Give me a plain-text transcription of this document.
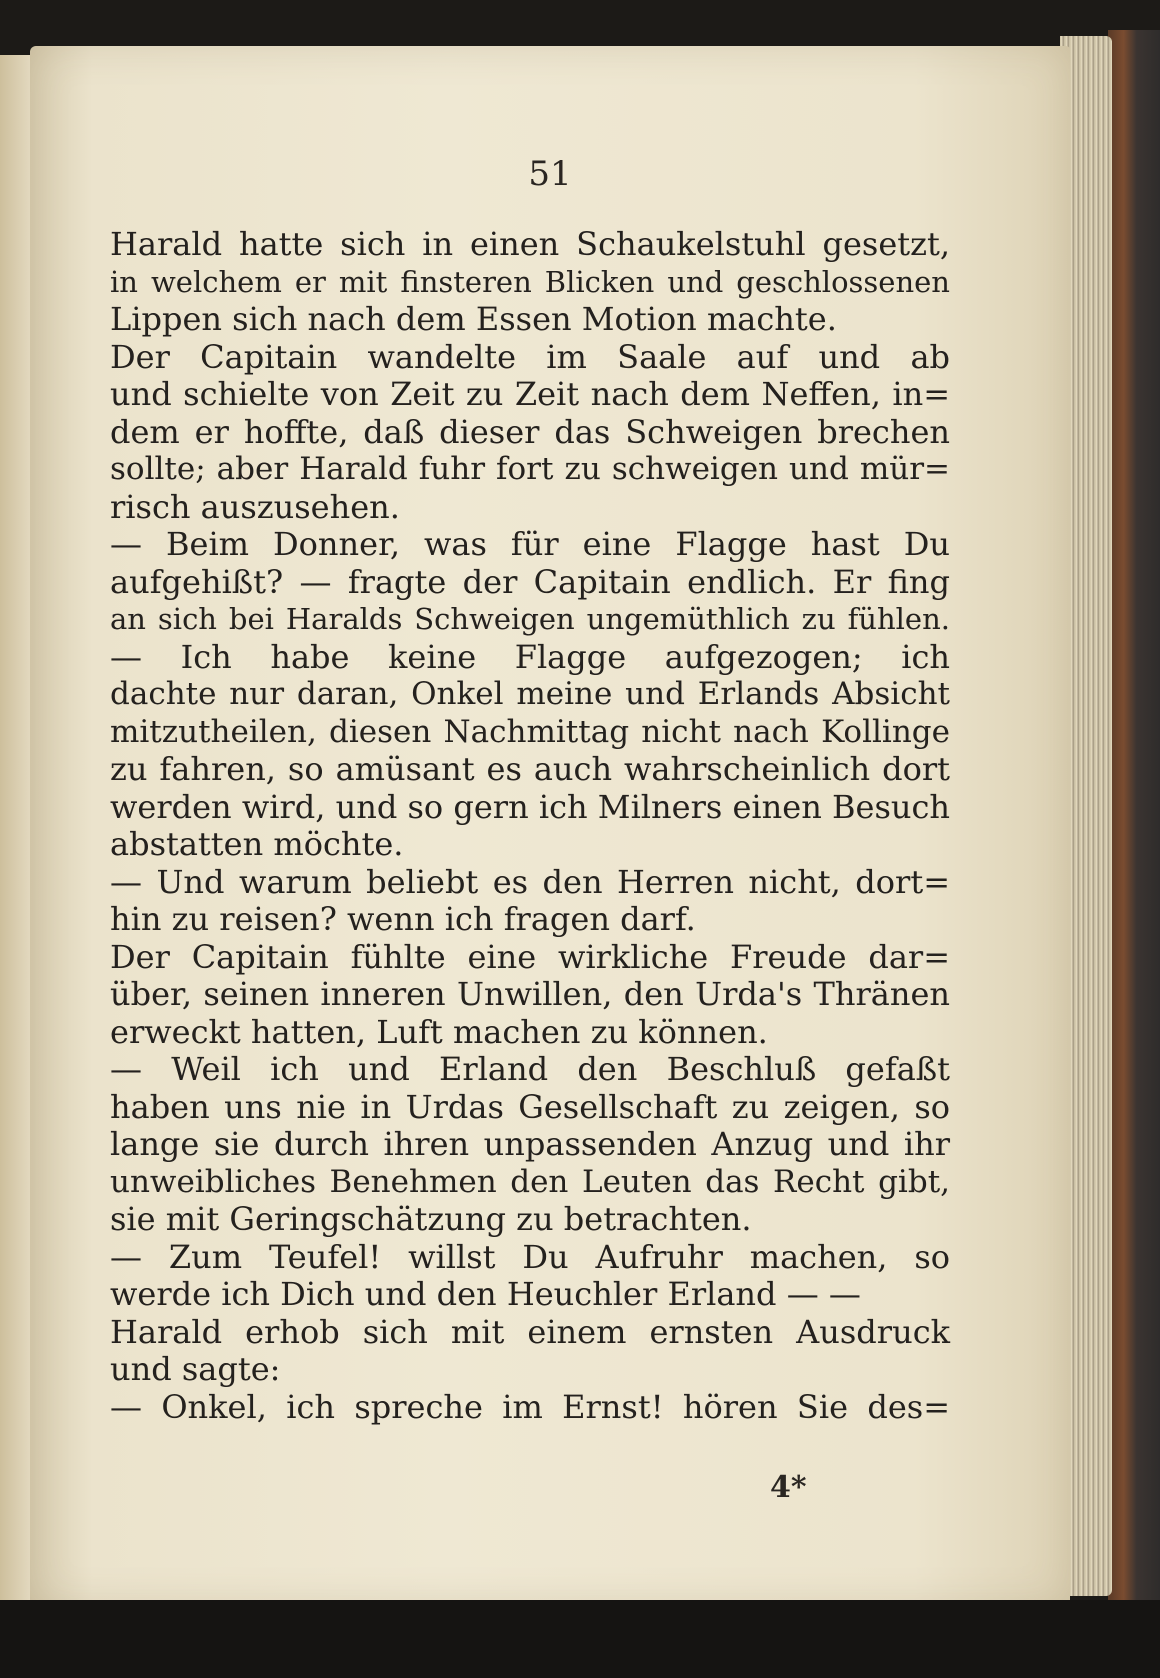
51
Harald hatte sich in einen Schaukelstuhl gesetzt,
in welchem er mit finsteren Blicken und geschlossenen
Lippen sich nach dem Essen Motion machte.
Der Capitain wandelte im Saale auf und ab
und schielte von Zeit zu Zeit nach dem Neffen, in=
dem er hoffte, daß dieser das Schweigen brechen
sollte; aber Harald fuhr fort zu schweigen und mür=
risch auszusehen.
— Beim Donner, was für eine Flagge hast Du
aufgehißt? — fragte der Capitain endlich. Er fing
an sich bei Haralds Schweigen ungemüthlich zu fühlen.
— Ich habe keine Flagge aufgezogen; ich
dachte nur daran, Onkel meine und Erlands Absicht
mitzutheilen, diesen Nachmittag nicht nach Kollinge
zu fahren, so amüsant es auch wahrscheinlich dort
werden wird, und so gern ich Milners einen Besuch
abstatten möchte.
— Und warum beliebt es den Herren nicht, dort=
hin zu reisen? wenn ich fragen darf.
Der Capitain fühlte eine wirkliche Freude dar=
über, seinen inneren Unwillen, den Urda's Thränen
erweckt hatten, Luft machen zu können.
— Weil ich und Erland den Beschluß gefaßt
haben uns nie in Urdas Gesellschaft zu zeigen, so
lange sie durch ihren unpassenden Anzug und ihr
unweibliches Benehmen den Leuten das Recht gibt,
sie mit Geringschätzung zu betrachten.
— Zum Teufel! willst Du Aufruhr machen, so
werde ich Dich und den Heuchler Erland — —
Harald erhob sich mit einem ernsten Ausdruck
und sagte:
— Onkel, ich spreche im Ernst! hören Sie des=
4*
